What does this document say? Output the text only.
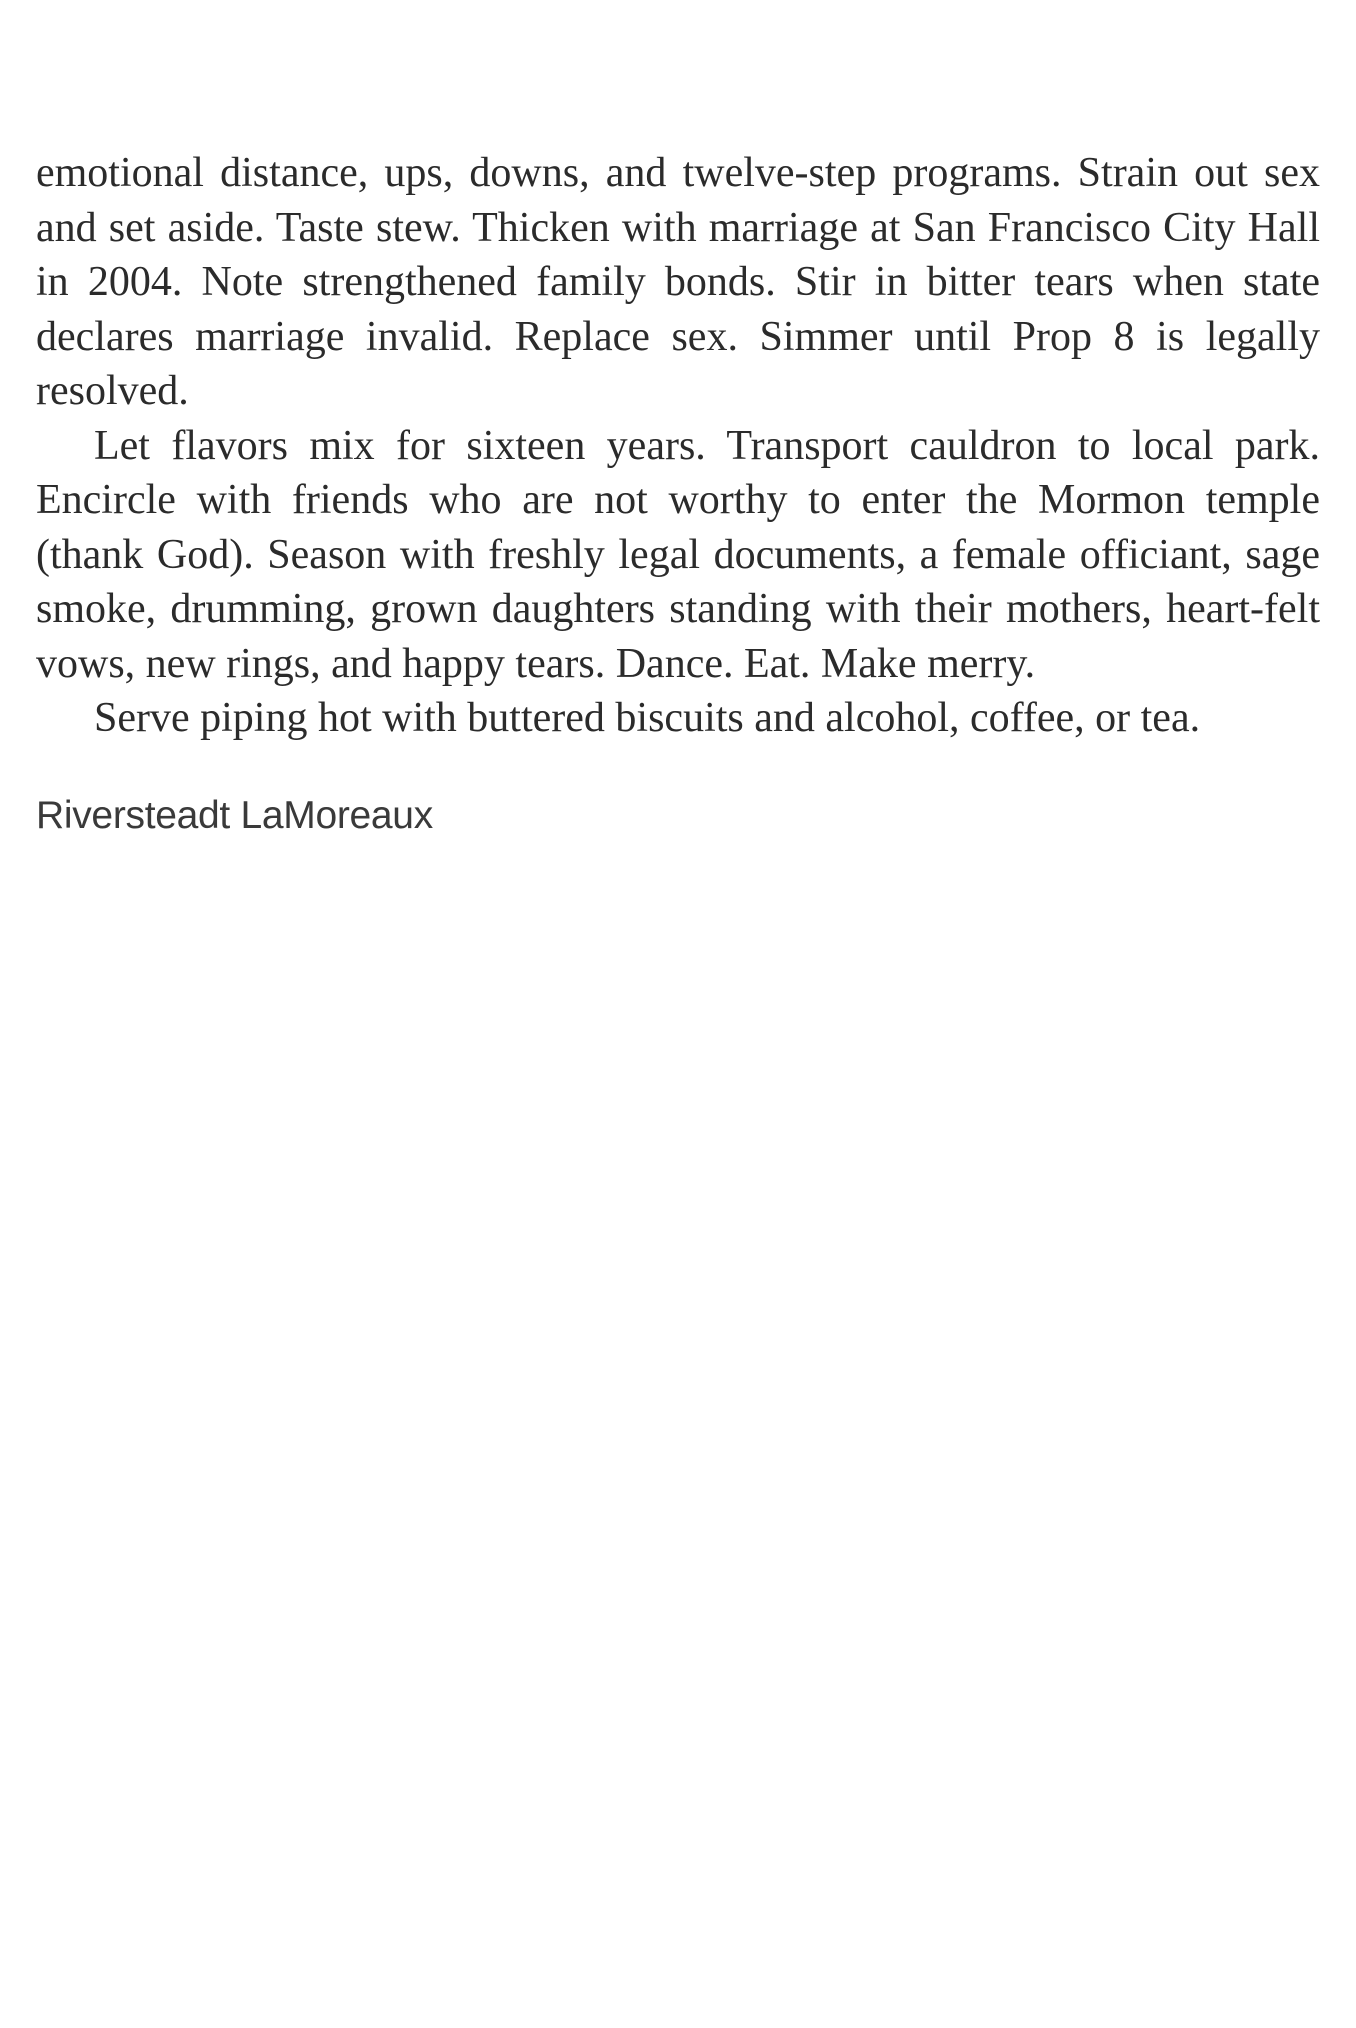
emotional distance, ups, downs, and twelve-step programs. Strain out sex and set aside. Taste stew. Thicken with marriage at San Francisco City Hall in 2004. Note strengthened family bonds. Stir in bitter tears when state declares marriage invalid. Replace sex. Simmer until Prop 8 is legally resolved.

Let flavors mix for sixteen years. Transport cauldron to local park. Encircle with friends who are not worthy to enter the Mormon temple (thank God). Season with freshly legal documents, a female officiant, sage smoke, drumming, grown daughters standing with their mothers, heart-felt vows, new rings, and happy tears. Dance. Eat. Make merry.

Serve piping hot with buttered biscuits and alcohol, coffee, or tea.

Riversteadt LaMoreaux
